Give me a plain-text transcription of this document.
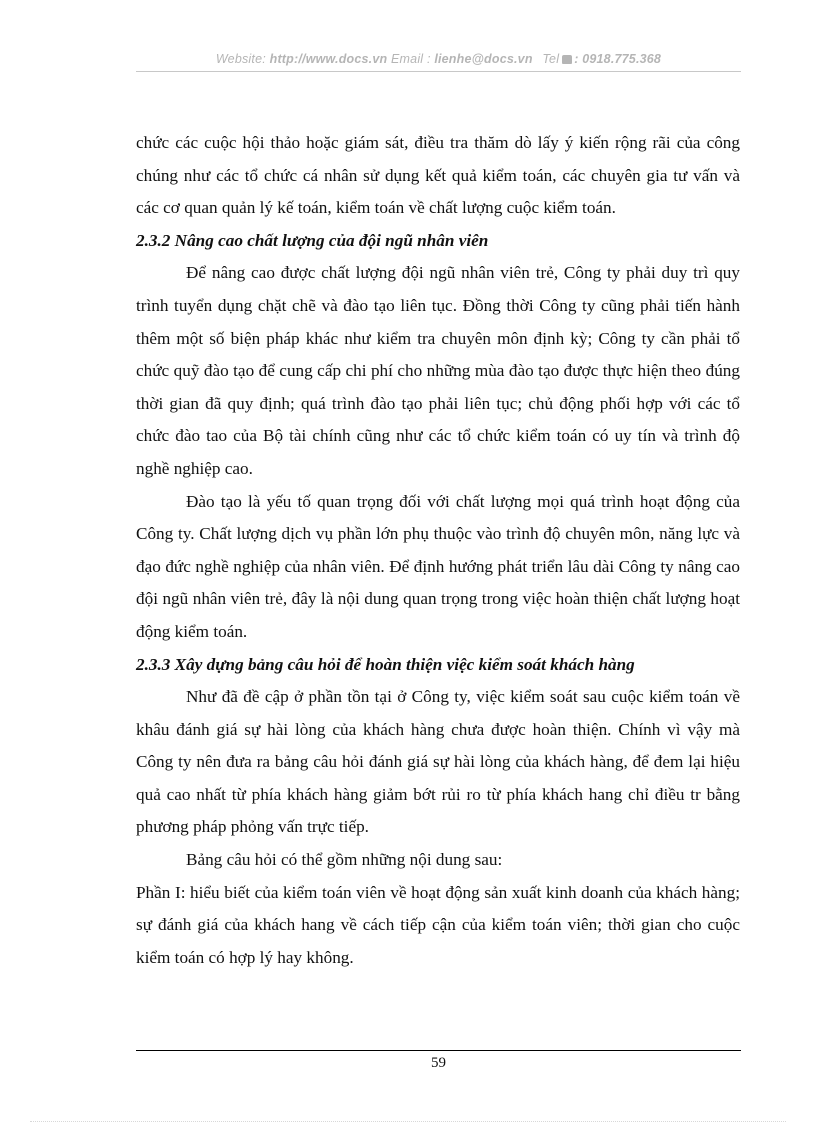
Website: http://www.docs.vn Email : lienhe@docs.vn Tel : 0918.775.368

chức các cuộc hội thảo hoặc giám sát, điều tra thăm dò lấy ý kiến rộng rãi của công chúng như các tổ chức cá nhân sử dụng kết quả kiểm toán, các chuyên gia tư vấn và các cơ quan quản lý kế toán, kiểm toán về chất lượng cuộc kiểm toán.

2.3.2 Nâng cao chất lượng của đội ngũ nhân viên

Để nâng cao được chất lượng đội ngũ nhân viên trẻ, Công ty phải duy trì quy trình tuyển dụng chặt chẽ và đào tạo liên tục. Đồng thời Công ty cũng phải tiến hành thêm một số biện pháp khác như kiểm tra chuyên môn định kỳ; Công ty cần phải tổ chức quỹ đào tạo để cung cấp chi phí cho những mùa đào tạo được thực hiện theo đúng thời gian đã quy định; quá trình đào tạo phải liên tục; chủ động phối hợp với các tổ chức đào tao của Bộ tài chính cũng như các tổ chức kiểm toán có uy tín và trình độ nghề nghiệp cao.

Đào tạo là yếu tố quan trọng đối với chất lượng mọi quá trình hoạt động của Công ty. Chất lượng dịch vụ phần lớn phụ thuộc vào trình độ chuyên môn, năng lực và đạo đức nghề nghiệp của nhân viên. Để định hướng phát triển lâu dài Công ty nâng cao đội ngũ nhân viên trẻ, đây là nội dung quan trọng trong việc hoàn thiện chất lượng hoạt động kiểm toán.

2.3.3 Xây dựng bảng câu hỏi để hoàn thiện việc kiểm soát khách hàng

Như đã đề cập ở phần tồn tại ở Công ty, việc kiểm soát sau cuộc kiểm toán về khâu đánh giá sự hài lòng của khách hàng chưa được hoàn thiện. Chính vì vậy mà Công ty nên đưa ra bảng câu hỏi đánh giá sự hài lòng của khách hàng, để đem lại hiệu quả cao nhất từ phía khách hàng giảm bớt rủi ro từ phía khách hang chỉ điều tr bằng phương pháp phỏng vấn trực tiếp.

Bảng câu hỏi có thể gồm những nội dung sau:

Phần I: hiểu biết của kiểm toán viên về hoạt động sản xuất kinh doanh của khách hàng; sự đánh giá của khách hang về cách tiếp cận của kiểm toán viên; thời gian cho cuộc kiểm toán có hợp lý hay không.

59
